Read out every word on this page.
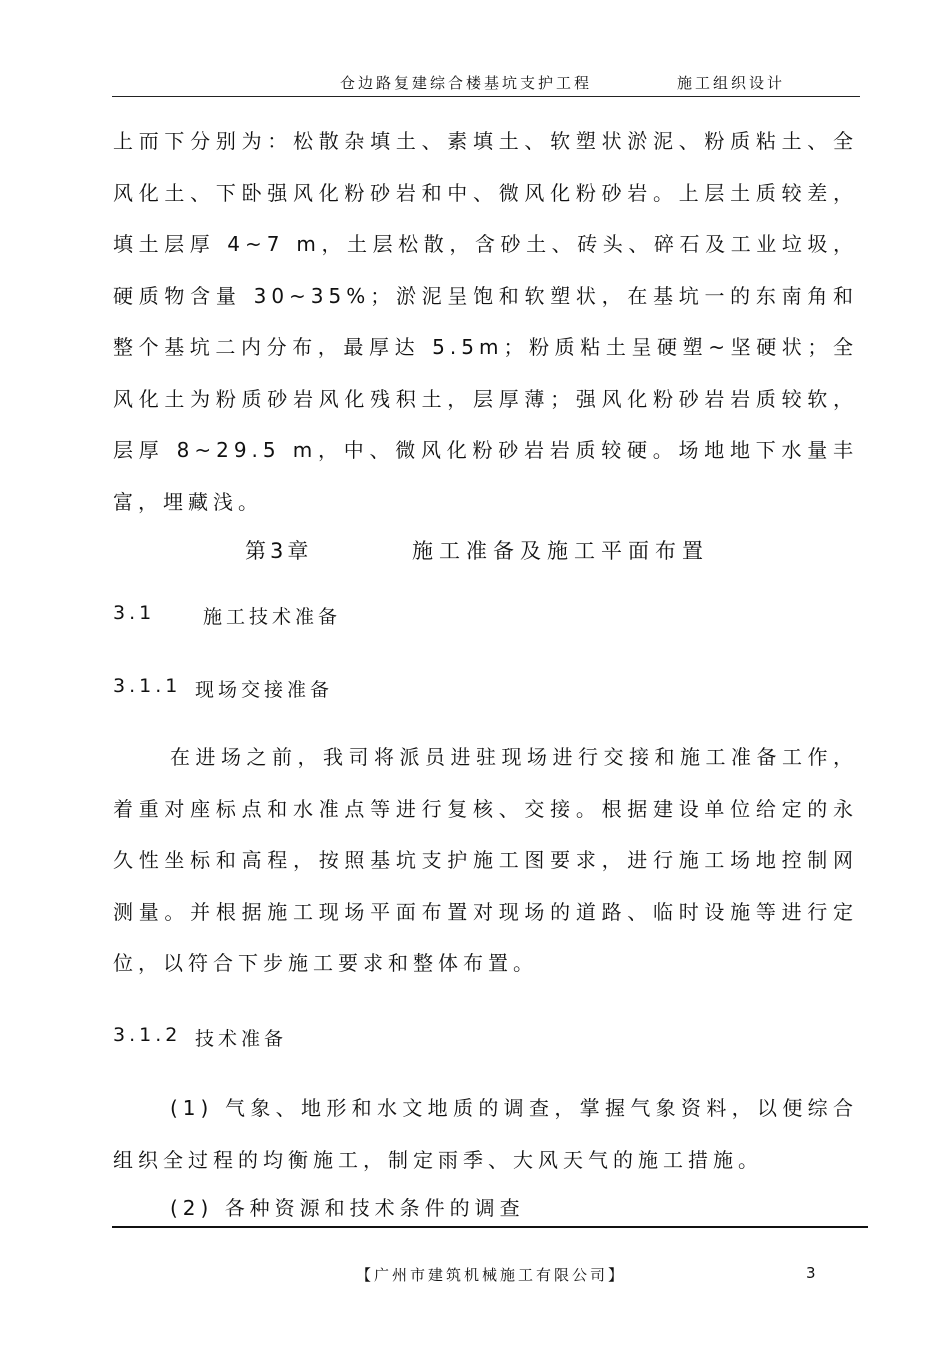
仓边路复建综合楼基坑支护工程	施工组织设计

上而下分别为：松散杂填土、素填土、软塑状淤泥、粉质粘土、全风化土、下卧强风化粉砂岩和中、微风化粉砂岩。上层土质较差，填土层厚 4~7 m，土层松散，含砂土、砖头、碎石及工业垃圾，硬质物含量 30~35%；淤泥呈饱和软塑状，在基坑一的东南角和整个基坑二内分布，最厚达 5.5m；粉质粘土呈硬塑~坚硬状；全风化土为粉质砂岩风化残积土，层厚薄；强风化粉砂岩岩质较软，层厚 8~29.5 m，中、微风化粉砂岩岩质较硬。场地地下水量丰富，埋藏浅。

第3章	施工准备及施工平面布置
3.1	施工技术准备
3.1.1 现场交接准备

在进场之前，我司将派员进驻现场进行交接和施工准备工作，着重对座标点和水准点等进行复核、交接。根据建设单位给定的永久性坐标和高程，按照基坑支护施工图要求，进行施工场地控制网测量。并根据施工现场平面布置对现场的道路、临时设施等进行定位，以符合下步施工要求和整体布置。

3.1.2 技术准备

(1) 气象、地形和水文地质的调查，掌握气象资料，以便综合组织全过程的均衡施工，制定雨季、大风天气的施工措施。

(2) 各种资源和技术条件的调查

【广州市建筑机械施工有限公司】	3
